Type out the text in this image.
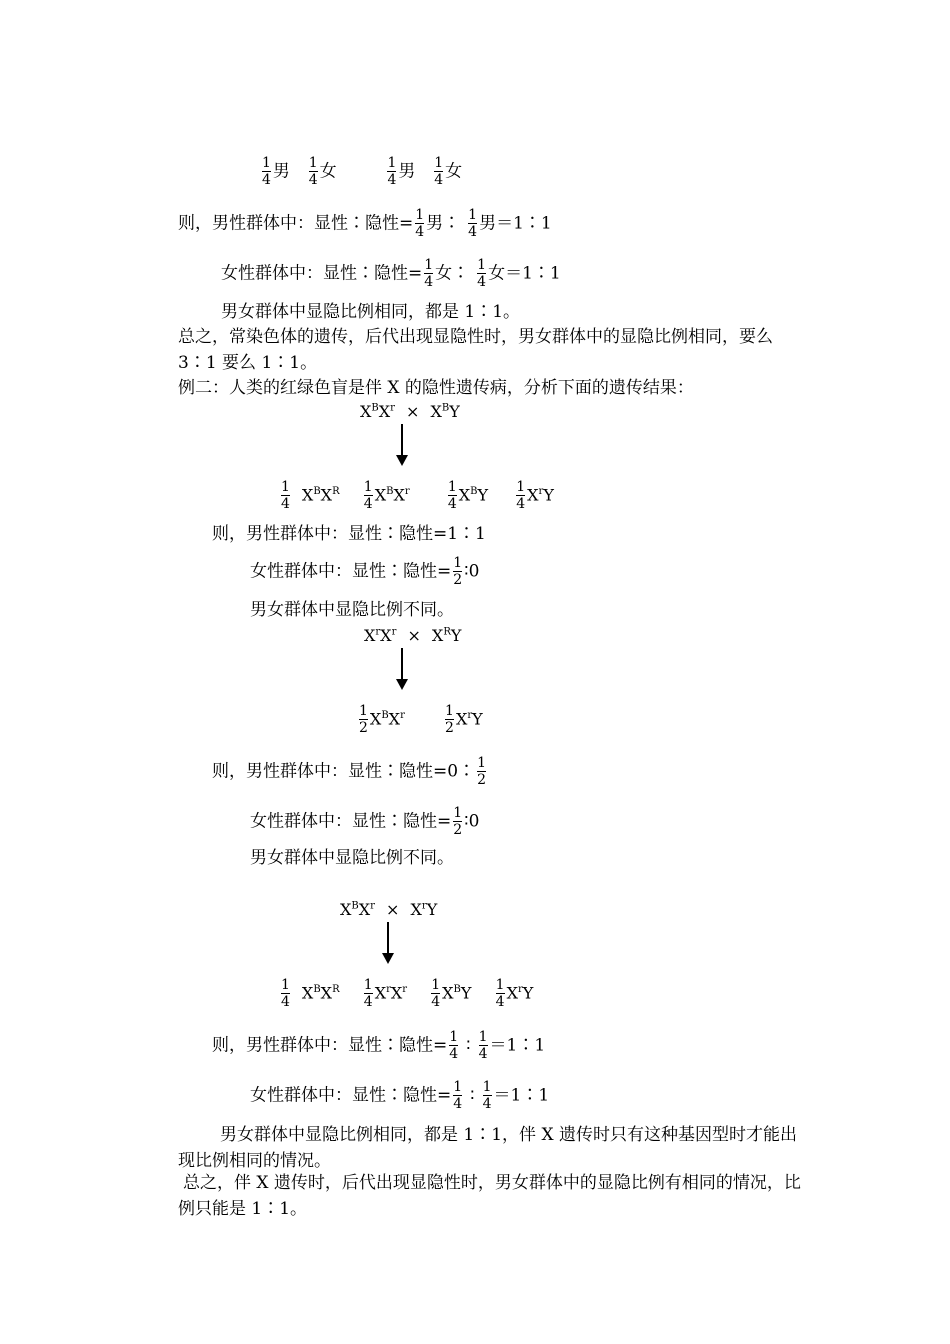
$\frac{1}{4}$ 男 $\frac{1}{4}$ 女	$\frac{1}{4}$ 男 $\frac{1}{4}$ 女
则，男性群体中：显性∶隐性= $\frac{1}{4}$ 男∶ $\frac{1}{4}$ 男＝1∶1
女性群体中：显性∶隐性= $\frac{1}{4}$ 女∶ $\frac{1}{4}$ 女＝1∶1
男女群体中显隐比例相同，都是 1∶1。
总之，常染色体的遗传，后代出现显隐性时，男女群体中的显隐比例相同，要么 3∶1 要么 1∶1。
例二：人类的红绿色盲是伴 X 的隐性遗传病，分析下面的遗传结果：
$X^BX^r \times X^BY$
$\frac{1}{4} X^BX^R \frac{1}{4} X^BX^r$	$\frac{1}{4} X^BY \frac{1}{4} X^rY$
则，男性群体中：显性∶隐性=1∶1
女性群体中：显性∶隐性= $\frac{1}{2}$ ∶0
男女群体中显隐比例不同。
$X^rX^r \times X^RY$
$\frac{1}{2} X^BX^r$	$\frac{1}{2} X^rY$
则，男性群体中：显性∶隐性=0∶ $\frac{1}{2}$
女性群体中：显性∶隐性= $\frac{1}{2}$ ∶0
男女群体中显隐比例不同。
$X^BX^r \times X^rY$
$\frac{1}{4} X^BX^R \frac{1}{4} X^rX^r \frac{1}{4} X^BY \frac{1}{4} X^rY$
则，男性群体中：显性∶隐性= $\frac{1}{4}$ ∶ $\frac{1}{4}$ ＝1∶1
女性群体中：显性∶隐性= $\frac{1}{4}$ ∶ $\frac{1}{4}$ ＝1∶1
男女群体中显隐比例相同，都是 1∶1，伴 X 遗传时只有这种基因型时才能出现比例相同的情况。
总之，伴 X 遗传时，后代出现显隐性时，男女群体中的显隐比例有相同的情况，比例只能是 1∶1。
